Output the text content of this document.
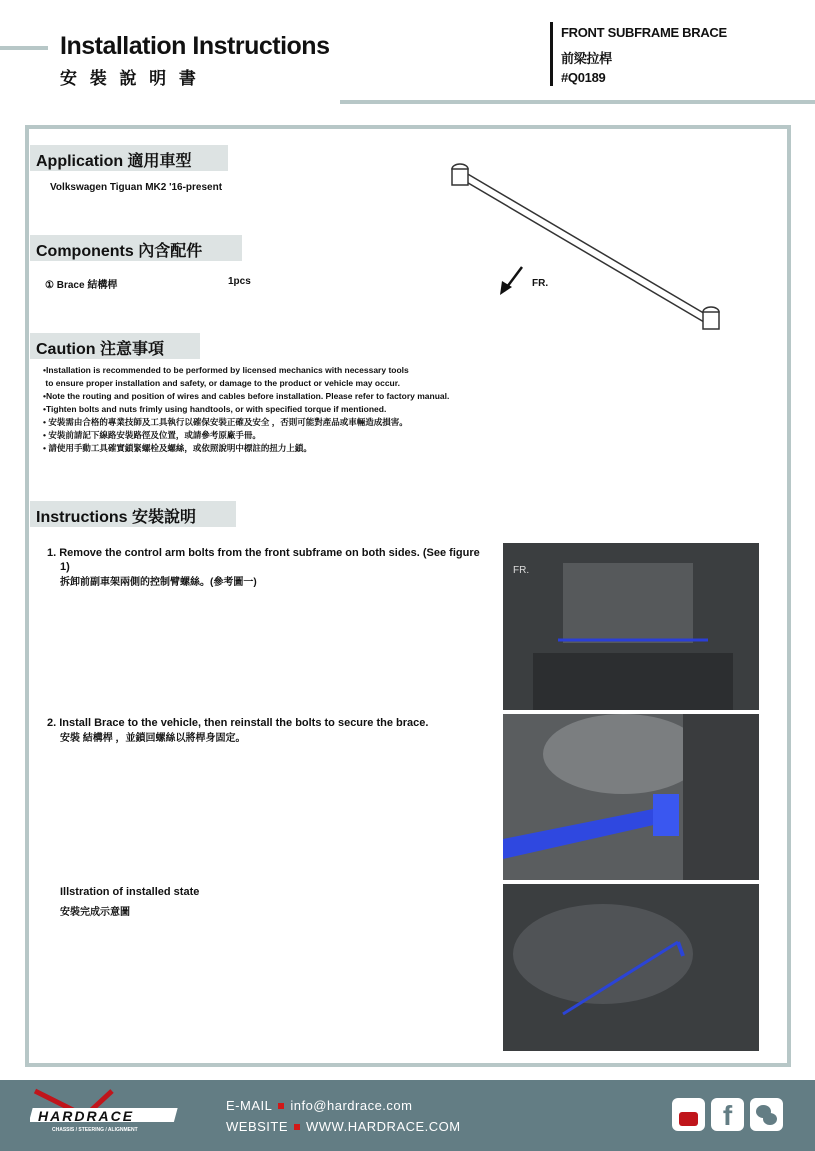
Installation Instructions
安 裝 說 明 書
FRONT SUBFRAME BRACE
前梁拉桿
#Q0189
Application 適用車型
Volkswagen Tiguan MK2 '16-present
Components 內含配件
① Brace 結構桿	1pcs	FR.
Caution 注意事項
•Installation is recommended to be performed by licensed mechanics with necessary tools
to ensure proper installation and safety, or damage to the product or vehicle may occur.
•Note the routing and position of wires and cables before installation. Please refer to factory manual.
•Tighten bolts and nuts frimly using handtools, or with specified torque if mentioned.
• 安裝需由合格的專業技師及工具執行以確保安裝正確及安全 ，否則可能對產品或車輛造成損害。
• 安裝前請記下線路安裝路徑及位置，或請參考原廠手冊。
• 請使用手動工具確實鎖緊螺栓及螺絲，或依照說明中標註的扭力上鎖。
Instructions 安裝說明
1. Remove the control arm bolts from the front subframe on both sides. (See figure 1)
拆卸前副車架兩側的控制臂螺絲。(參考圖一)
2. Install Brace to the vehicle, then reinstall the bolts to secure the brace.
安裝 結構桿 ，並鎖回螺絲以將桿身固定。
Illstration of installed state
安裝完成示意圖
FR.
HARDRACE
CHASSIS / STEERING / ALIGNMENT
E-MAIL info@hardrace.com
WEBSITE WWW.HARDRACE.COM	f
